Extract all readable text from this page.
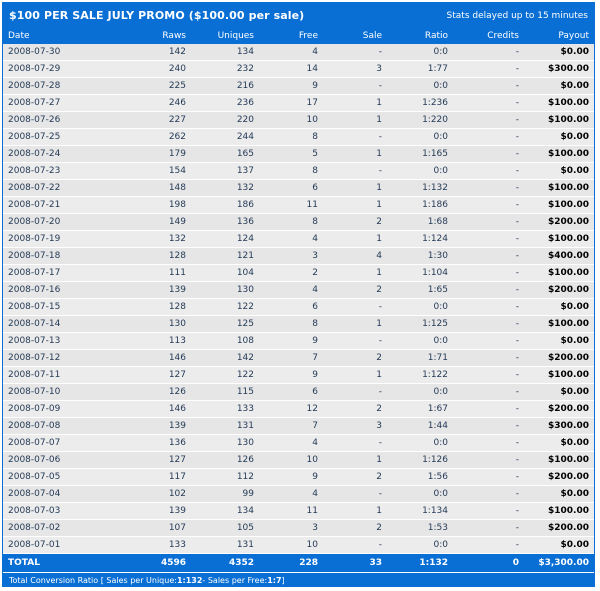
$100 PER SALE JULY PROMO ($100.00 per sale)	Stats delayed up to 15 minutes
Date	Raws	Uniques	Free	Sale	Ratio	Credits	Payout
2008-07-30	142	134	4	-	0:0	-	$0.00
2008-07-29	240	232	14	3	1:77	-	$300.00
2008-07-28	225	216	9	-	0:0	-	$0.00
2008-07-27	246	236	17	1	1:236	-	$100.00
2008-07-26	227	220	10	1	1:220	-	$100.00
2008-07-25	262	244	8	-	0:0	-	$0.00
2008-07-24	179	165	5	1	1:165	-	$100.00
2008-07-23	154	137	8	-	0:0	-	$0.00
2008-07-22	148	132	6	1	1:132	-	$100.00
2008-07-21	198	186	11	1	1:186	-	$100.00
2008-07-20	149	136	8	2	1:68	-	$200.00
2008-07-19	132	124	4	1	1:124	-	$100.00
2008-07-18	128	121	3	4	1:30	-	$400.00
2008-07-17	111	104	2	1	1:104	-	$100.00
2008-07-16	139	130	4	2	1:65	-	$200.00
2008-07-15	128	122	6	-	0:0	-	$0.00
2008-07-14	130	125	8	1	1:125	-	$100.00
2008-07-13	113	108	9	-	0:0	-	$0.00
2008-07-12	146	142	7	2	1:71	-	$200.00
2008-07-11	127	122	9	1	1:122	-	$100.00
2008-07-10	126	115	6	-	0:0	-	$0.00
2008-07-09	146	133	12	2	1:67	-	$200.00
2008-07-08	139	131	7	3	1:44	-	$300.00
2008-07-07	136	130	4	-	0:0	-	$0.00
2008-07-06	127	126	10	1	1:126	-	$100.00
2008-07-05	117	112	9	2	1:56	-	$200.00
2008-07-04	102	99	4	-	0:0	-	$0.00
2008-07-03	139	134	11	1	1:134	-	$100.00
2008-07-02	107	105	3	2	1:53	-	$200.00
2008-07-01	133	131	10	-	0:0	-	$0.00
TOTAL	4596	4352	228	33	1:132	0	$3,300.00
Total Conversion Ratio [ Sales per Unique: 1:132 - Sales per Free: 1:7 ]
